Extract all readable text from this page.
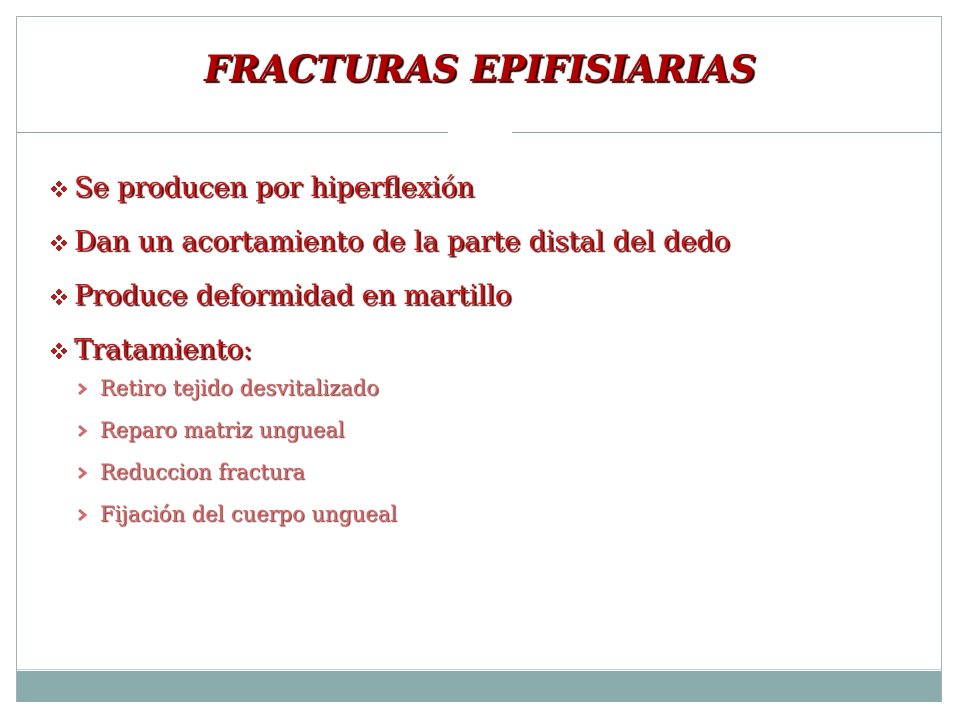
FRACTURAS EPIFISIARIAS
Se producen por hiperflexión
Dan un acortamiento de la parte distal del dedo
Produce deformidad en martillo
Tratamiento:
Retiro tejido desvitalizado
Reparo matriz ungueal
Reduccion fractura
Fijación del cuerpo ungueal
